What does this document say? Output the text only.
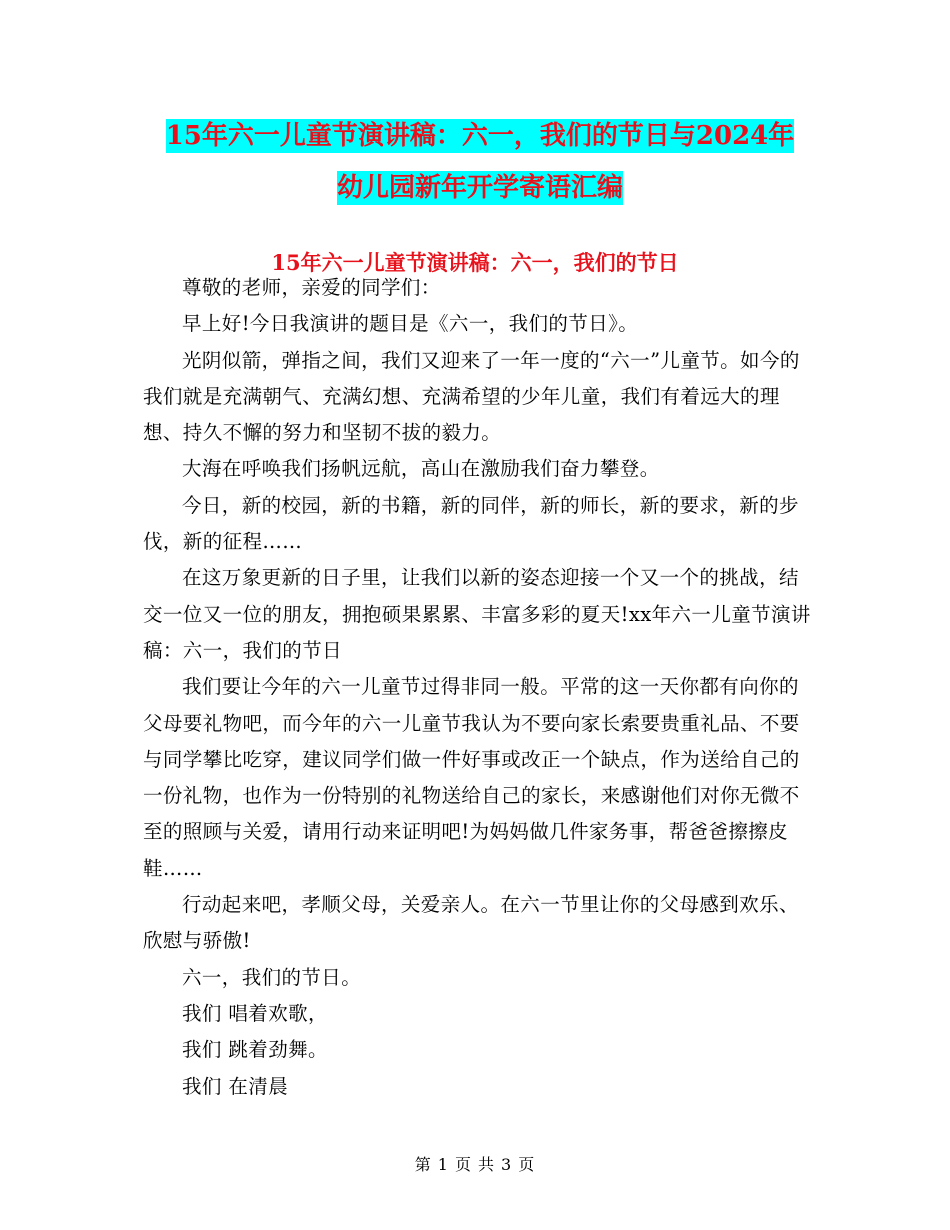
15年六一儿童节演讲稿：六一，我们的节日与2024年
幼儿园新年开学寄语汇编
15年六一儿童节演讲稿：六一，我们的节日

尊敬的老师，亲爱的同学们：

早上好!今日我演讲的题目是《六一，我们的节日》。

光阴似箭，弹指之间，我们又迎来了一年一度的“六一”儿童节。如今的我们就是充满朝气、充满幻想、充满希望的少年儿童，我们有着远大的理想、持久不懈的努力和坚韧不拔的毅力。

大海在呼唤我们扬帆远航，高山在激励我们奋力攀登。

今日，新的校园，新的书籍，新的同伴，新的师长，新的要求，新的步伐，新的征程……

在这万象更新的日子里，让我们以新的姿态迎接一个又一个的挑战，结交一位又一位的朋友，拥抱硕果累累、丰富多彩的夏天!xx年六一儿童节演讲稿：六一，我们的节日

我们要让今年的六一儿童节过得非同一般。平常的这一天你都有向你的父母要礼物吧，而今年的六一儿童节我认为不要向家长索要贵重礼品、不要与同学攀比吃穿，建议同学们做一件好事或改正一个缺点，作为送给自己的一份礼物，也作为一份特别的礼物送给自己的家长，来感谢他们对你无微不至的照顾与关爱，请用行动来证明吧!为妈妈做几件家务事，帮爸爸擦擦皮鞋……

行动起来吧，孝顺父母，关爱亲人。在六一节里让你的父母感到欢乐、欣慰与骄傲!

六一，我们的节日。

我们 唱着欢歌，

我们 跳着劲舞。

我们 在清晨

第 1 页 共 3 页
